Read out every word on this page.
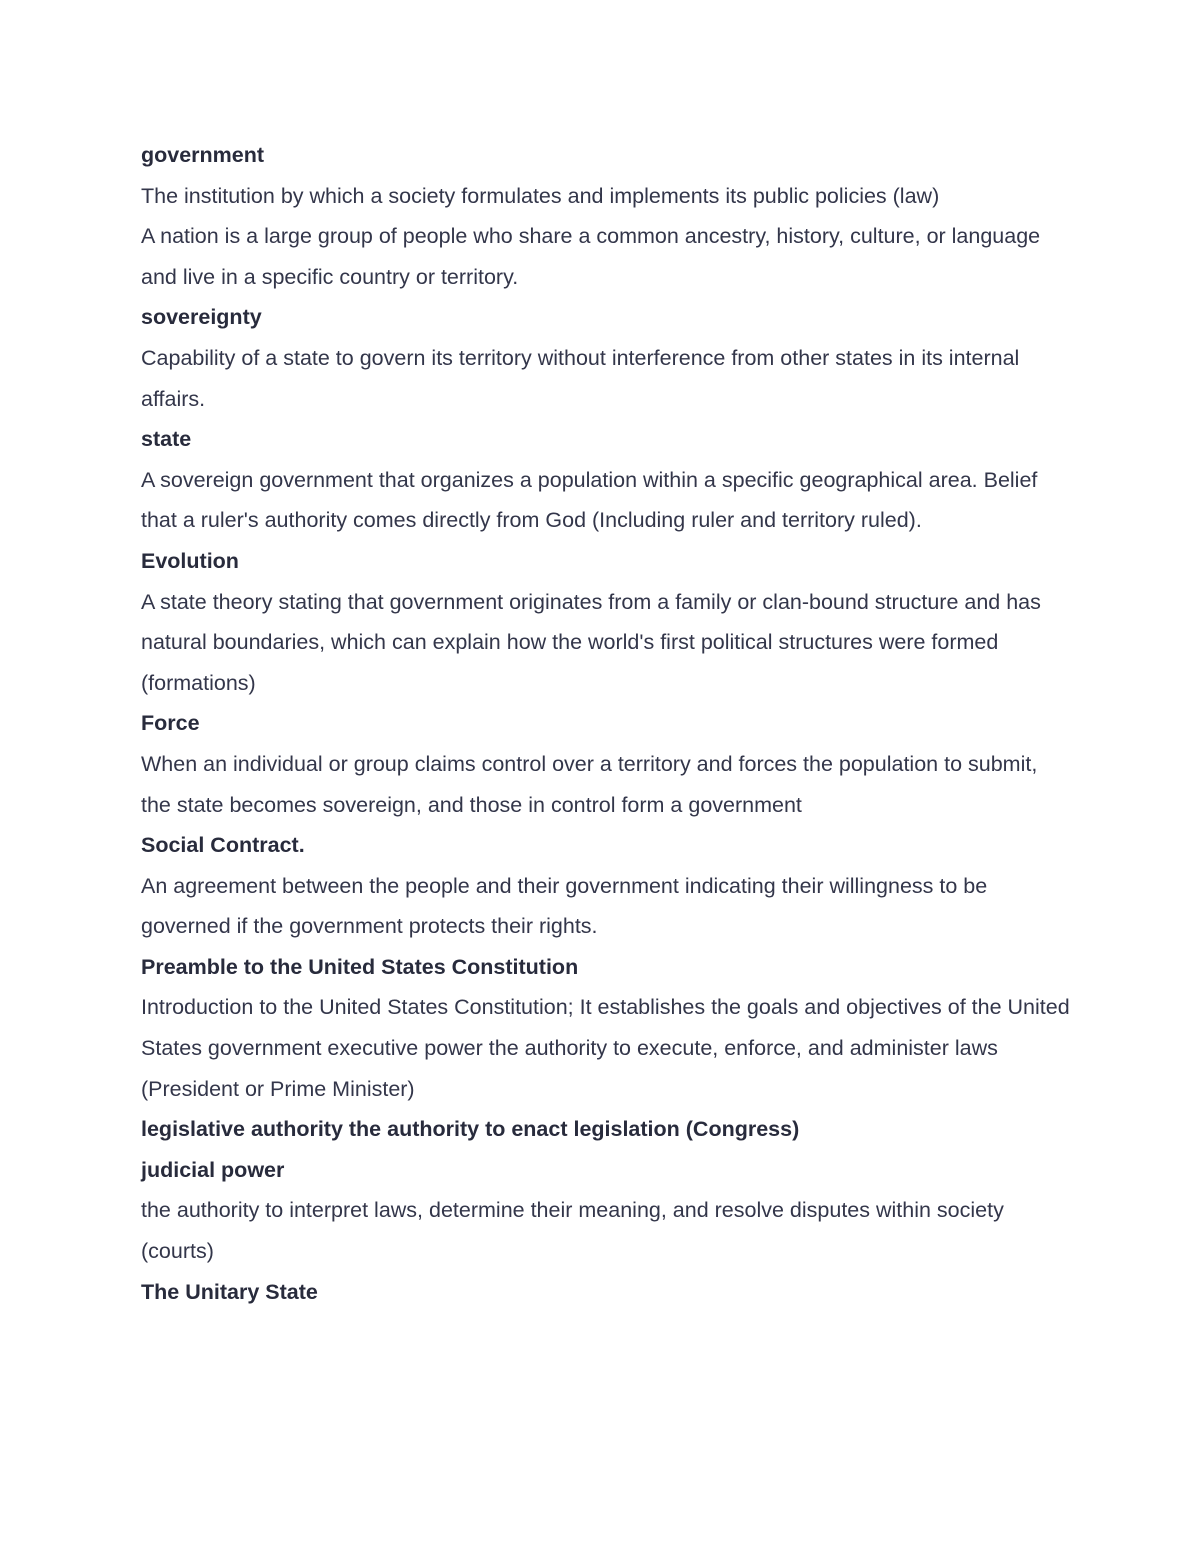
government

The institution by which a society formulates and implements its public policies (law)

A nation is a large group of people who share a common ancestry, history, culture, or language and live in a specific country or territory.

sovereignty

Capability of a state to govern its territory without interference from other states in its internal affairs.

state

A sovereign government that organizes a population within a specific geographical area. Belief that a ruler's authority comes directly from God (Including ruler and territory ruled).

Evolution

A state theory stating that government originates from a family or clan-bound structure and has natural boundaries, which can explain how the world's first political structures were formed (formations)

Force

When an individual or group claims control over a territory and forces the population to submit, the state becomes sovereign, and those in control form a government

Social Contract.

An agreement between the people and their government indicating their willingness to be governed if the government protects their rights.

Preamble to the United States Constitution

Introduction to the United States Constitution; It establishes the goals and objectives of the United States government executive power the authority to execute, enforce, and administer laws (President or Prime Minister)

legislative authority the authority to enact legislation (Congress)

judicial power

the authority to interpret laws, determine their meaning, and resolve disputes within society (courts)

The Unitary State
